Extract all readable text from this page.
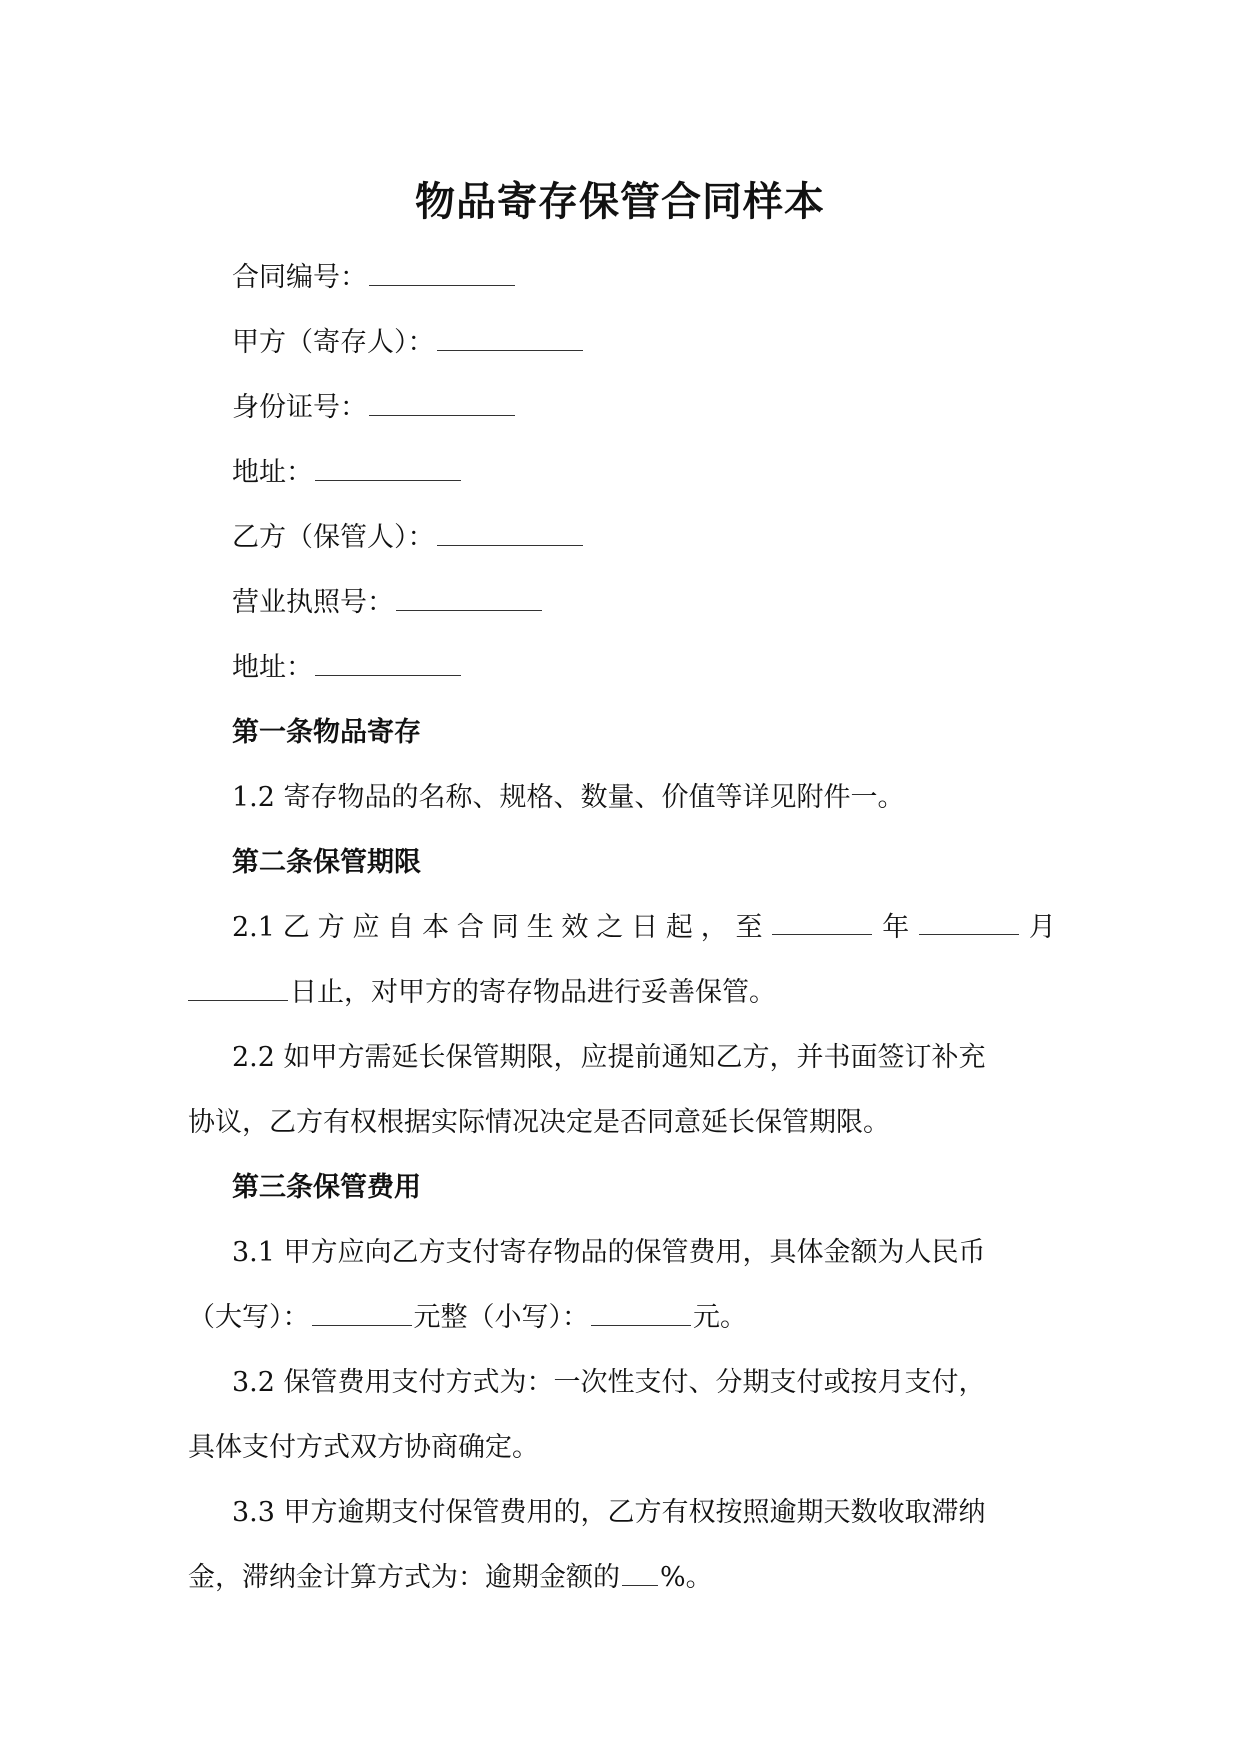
物品寄存保管合同样本
合同编号：
甲方（寄存人）：
身份证号：
地址：
乙方（保管人）：
营业执照号：
地址：
第一条物品寄存
1.2 寄存物品的名称、规格、数量、价值等详见附件一。
第二条保管期限
2.1 乙 方 应 自 本 合 同 生 效 之 日 起 ， 至	年	月
日止，对甲方的寄存物品进行妥善保管。
2.2 如甲方需延长保管期限，应提前通知乙方，并书面签订补充
协议，乙方有权根据实际情况决定是否同意延长保管期限。
第三条保管费用
3.1 甲方应向乙方支付寄存物品的保管费用，具体金额为人民币
（大写）：	元整（小写）：	元。
3.2 保管费用支付方式为：一次性支付、分期支付或按月支付，
具体支付方式双方协商确定。
3.3 甲方逾期支付保管费用的，乙方有权按照逾期天数收取滞纳
金，滞纳金计算方式为：逾期金额的 %。
